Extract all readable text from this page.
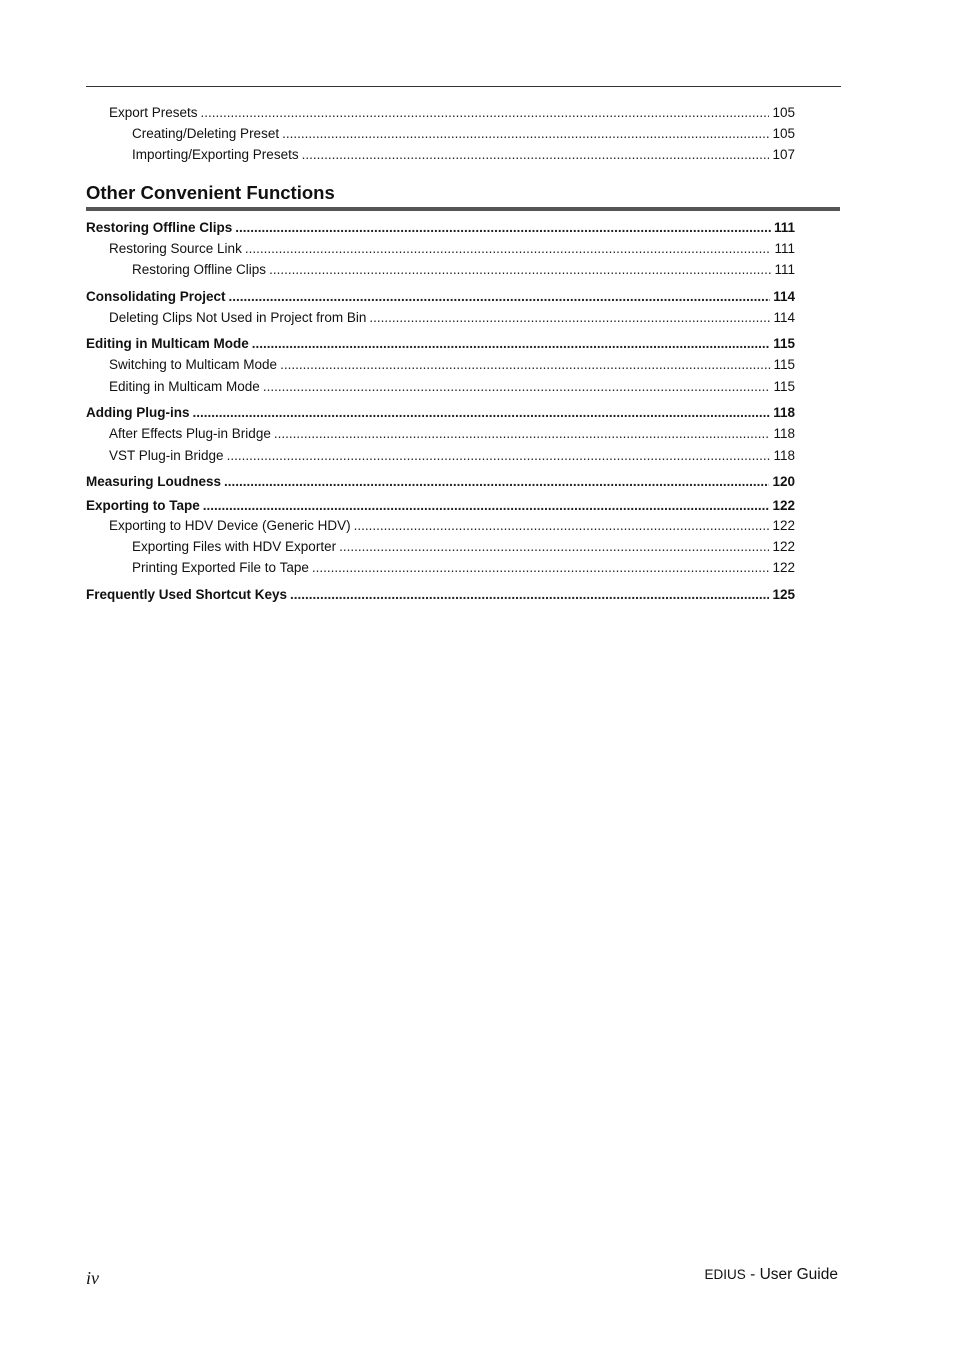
Export Presets .....	105
Creating/Deleting Preset .....	105
Importing/Exporting Presets .....	107
Other Convenient Functions
Restoring Offline Clips .....	111
Restoring Source Link .....	111
Restoring Offline Clips .....	111
Consolidating Project .....	114
Deleting Clips Not Used in Project from Bin .....	114
Editing in Multicam Mode .....	115
Switching to Multicam Mode .....	115
Editing in Multicam Mode .....	115
Adding Plug-ins .....	118
After Effects Plug-in Bridge .....	118
VST Plug-in Bridge .....	118
Measuring Loudness .....	120
Exporting to Tape .....	122
Exporting to HDV Device (Generic HDV) .....	122
Exporting Files with HDV Exporter .....	122
Printing Exported File to Tape .....	122
Frequently Used Shortcut Keys .....	125
iv	EDIUS - User Guide
